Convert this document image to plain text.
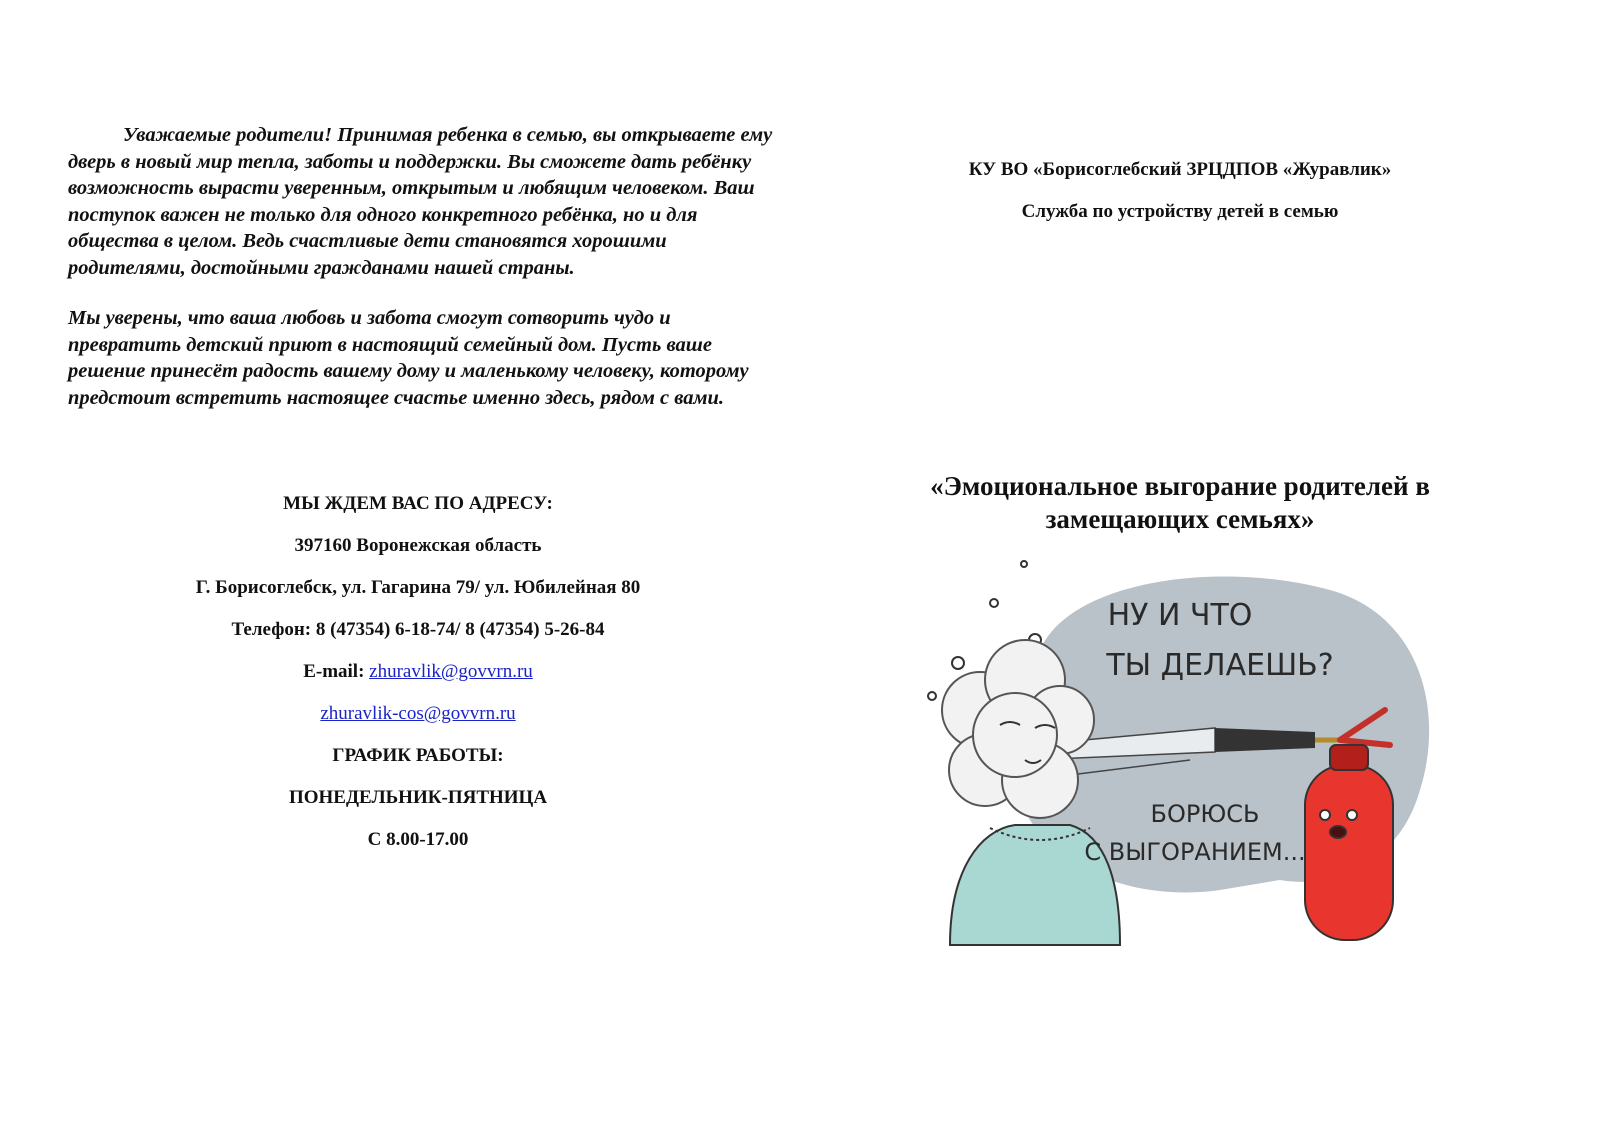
Уважаемые родители! Принимая ребенка в семью, вы открываете ему дверь в новый мир тепла, заботы и поддержки. Вы сможете дать ребёнку возможность вырасти уверенным, открытым и любящим человеком. Ваш поступок важен не только для одного конкретного ребёнка, но и для общества в целом. Ведь счастливые дети становятся хорошими родителями, достойными гражданами нашей страны.

Мы уверены, что ваша любовь и забота смогут сотворить чудо и превратить детский приют в настоящий семейный дом. Пусть ваше решение принесёт радость вашему дому и маленькому человеку, которому предстоит встретить настоящее счастье именно здесь, рядом с вами.

МЫ ЖДЕМ ВАС ПО АДРЕСУ:
397160 Воронежская область
Г. Борисоглебск, ул. Гагарина 79/ ул. Юбилейная 80
Телефон: 8 (47354) 6-18-74/ 8 (47354) 5-26-84
E-mail: zhuravlik@govvrn.ru
zhuravlik-cos@govvrn.ru
ГРАФИК РАБОТЫ:
ПОНЕДЕЛЬНИК-ПЯТНИЦА
С 8.00-17.00

КУ ВО «Борисоглебский ЗРЦДПОВ «Журавлик»

Служба по устройству детей в семью

«Эмоциональное выгорание родителей в
замещающих семьях»
НУ И ЧТО
ТЫ ДЕЛАЕШЬ?
БОРЮСЬ
С ВЫГОРАНИЕМ...
